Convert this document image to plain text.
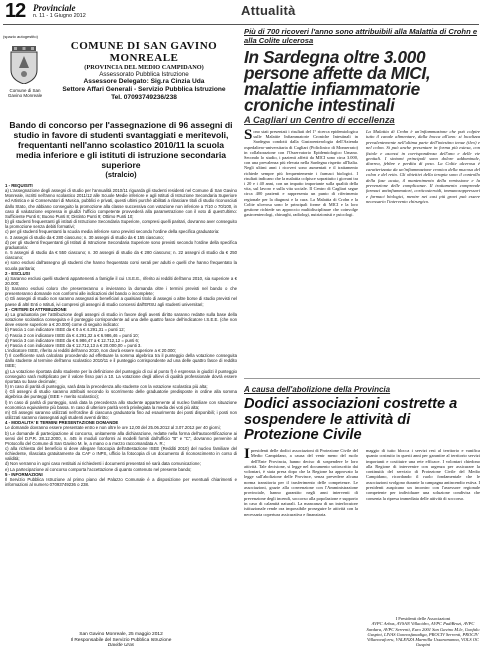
12 Provinciale
n. 11 - 1 Giugno 2012	Attualità
(spazio autogestito)
Comune di San Gavino Monreale
COMUNE DI SAN GAVINO MONREALE
(PROVINCIA DEL MEDIO CAMPIDANO)
Assessorato Pubblica Istruzione
Assessore Delegato: Sig.ra Cinzia Uda
Settore Affari Generali - Servizio Pubblica Istruzione
Tel. 07093749236/238
Bando di concorso per l'assegnazione di 96 assegni di studio in favore di studenti svantaggiati e meritevoli, frequentanti nell'anno scolastico 2010/11 la scuola media inferiore e gli istituti di istruzione secondaria superiore
(stralcio)

1 - REQUISITI

a) L'assegnazione degli assegni di studio per l'annualità 2010/11 riguarda gli studenti residenti nel Comune di San Gavino Monreale, iscritti nell'anno scolastico 2011/12 alle Scuole Medie inferiore e agli Istituti di Istruzione Secondaria Superiore ed Artistica e ai Conservatori di Musica, pubblici e privati, questi ultimi purché abilitati a rilasciare titoli di studio riconosciuti dallo Stato, che abbiano conseguito la promozione alla classe successiva con votazione non inferiore a 7/10 o 70/100, in caso di valutazione espressa in giudizi l'ufficio competente provvederà alla parametrazione con il voto di quest'ultimo: Sufficiente Punti 6; Buono Punti 8; Distinto Punti 9; Ottimo Punti 10;

b) gli studenti frequentanti gli istituti di Istruzione Secondaria Superiore, compresi quelli paritari, dovranno aver conseguito la promozione senza debiti formativi;

c) per gli studenti frequentanti la scuola media inferiore sono previsti secondo l'ordine della specifica graduatoria:

n. 3 assegni di studio da € 280 ciascuno; n. 30 assegni di studio da € 155 ciascuno;

d) per gli studenti frequentanti gli Istituti di Istruzione Secondaria Superiore sono previsti secondo l'ordine della specifica graduatoria:

n. 5 assegni di studio da € 550 ciascuno; n. 30 assegni di studio da € 280 ciascuno; n. 22 assegni di studio da € 250 ciascuno;

e) sono esclusi dall'assegno gli studenti che hanno frequentato corsi serali per adulti e quelli che hanno frequentato la scuola paritaria;

2 - ESCLUSI

a) Saranno esclusi quelli studenti appartenenti a famiglie il cui I.S.E.E., riferito ai redditi dell'anno 2010, sia superiore a € 20.000;

b) Saranno esclusi coloro che presenteranno o invieranno la domanda oltre i termini previsti nel bando o che presenteranno domande non conformi alle indicazioni del bando o incomplete;

c) Gli assegni di studio non saranno assegnati ai beneficiari a qualsiasi titolo di assegni o altre borse di studio previsti nel paese di altri Enti o Istituti, ivi compresi gli assegni di studio concessi dall'ERSU agli studenti universitari;

3 - CRITERI DI ATTRIBUZIONE

a) La graduatoria per l'attribuzione degli assegni di studio in favore degli aventi diritto saranno redatte sulla base della votazione scolastica conseguita e il punteggio corrispondente ad una delle quattro fasce dell'indicatore I.S.E.E. (che non deve essere superiore a € 20.000) come di seguito indicato:

b) Fascia 1 con indicatore ISEE da € 0 a € 4.291,31 = punti 12;

c) Fascia 2 con indicatore ISEE da € 4.291,32 a € 6.986,46 = punti 10;

d) Fascia 3 con indicatore ISEE da € 6.986,47 a € 12.712,12 = punti 6;

e) Fascia 4 con indicatore ISEE da € 12.712,13 a € 20.000,00 = punti 3.

L'indicatore ISEE, riferito ai redditi dell'anno 2010, non dovrà essere superiore a € 20.000;

f) Il coefficiente sarà calcolato procedendo ad effettuare la somma algebrica tra il punteggio della votazione conseguita dallo studente al termine dell'anno scolastico 2010/11 e il punteggio corrispondente ad una delle quattro fasce di reddito ISEE;

g) La votazione riportata dallo studente per la definizione del punteggio di cui al punto f) è espressa in giudizi il punteggio conseguito sarà moltiplicato per il valore fisso pari a 10. La votazione degli allievi di qualità professionale dovrà essere riportata su base decimale;

h) In caso di parità di punteggio, sarà data la precedenza allo studente con la votazione scolastica più alta;

i) Gli assegni di studio saranno attribuiti secondo lo scorrimento delle graduatorie predisposte in ordine alla somma algebrica dei punteggi (ISEE + merito scolastico);

l) In caso di parità di punteggio, sarà data la precedenza allo studente appartenente al nucleo familiare con situazione economica equivalente più bassa. In caso di ulteriore parità verrà privilegiata la media dei voti più alta;

m) Gli assegni saranno utilizzati nell'ordine di ciascuna graduatoria fino ad esaurimento dei posti disponibili; i posti non utilizzati saranno riassegnati agli studenti aventi diritto;

4 - MODALITA' E TERMINI PRESENTAZIONE DOMANDE

Le domande dovranno essere presentate entro e non oltre le ore 12,00 del 25.06.2012 al 3.07.2012 per 40 giorni;

b) Le domande di partecipazione al concorso, unitamente alla dichiarazione, redatte nella forma dell'autocertificazione ai sensi del D.P.R. 28.12.2000, n. 445 in moduli conformi ai modelli forniti dall'ufficio "B" e "C", dovranno pervenire al Protocollo del Comune di San Gavino M. le, a mano o a mezzo raccomandata A. R.;

c) alla richiesta del beneficio si deve allegare fotocopia dell'attestazione ISEE (Redditi 2010) del nucleo familiare del richiedente, rilasciata gratuitamente da CAF o INPS, ufficio la fotocopia di un documento di riconoscimento in corso di validità;

d) Non verranno in ogni caso restituiti ai richiedenti i documenti presentati né sarà data comunicazione;

e) La partecipazione al concorso comporta l'accettazione di quanto contenuto nel presente bando;

5 - INFORMAZIONI

Il Servizio Pubblica Istruzione al primo piano del Palazzo Comunale è a disposizione per eventuali chiarimenti e informazioni al numero 07093749236 o 238.

San Gavino Monreale, 25 maggio 2012
Il Responsabile del Servizio Pubblica Istruzione
Davide Uras
Più di 700 ricoveri l'anno sono attribuibili alla Malattia di Crohn e alla Colite ulcerosa
In Sardegna oltre 3.000 persone affette da MICI, malattie infiammatorie croniche intestinali
A Cagliari un Centro di eccellenza
Sono stati presentati i risultati del 1° ricerca epidemiologica sulle Malattie Infiammatorie Croniche Intestinali in Sardegna condotti dalla Gastroenterologia dell'Azienda ospedaliero-universitaria di Cagliari (Policlinico di Monserrato) in collaborazione con l'Osservatorio Epidemiologico Umano. Secondo lo studio, i pazienti affetti da MICI sono circa 3.000, con una prevalenza più elevata nella Sardegna rispetto all'Italia. Negli ultimi anni i ricoveri sono aumentati e il trattamento richiede sempre più frequentemente i farmaci biologici. I risultati indicano che la malattia colpisce soprattutto i giovani tra i 20 e i 40 anni, con un impatto importante sulla qualità della vita, sul lavoro e sulla vita sociale. Il Centro di Cagliari segue circa 400 pazienti e rappresenta un punto di riferimento regionale per la diagnosi e la cura. La Malattia di Crohn e la Colite ulcerosa sono le principali forme di MICI e la loro gestione richiede un approccio multidisciplinare che coinvolge gastroenterologi, chirurghi, radiologi, nutrizionisti e psicologi.
La Malattia di Crohn è un'infiammazione che può colpire tutto il canale alimentare, dalla bocca all'ano: si localizza prevalentemente nell'ultima parte dell'intestino tenue (ileo) e nel colon. Si può anche presentare in forma più estesa, con fistole e ascessi in corrispondenza dell'ano e delle vie genitali. I sintomi principali sono dolore addominale, diarrea, febbre e perdita di peso. La Colite ulcerosa è caratterizzata da un'infiammazione cronica della mucosa del colon e del retto. Gli obiettivi della terapia sono il controllo della fase acuta, il mantenimento della remissione e la prevenzione delle complicanze. Il trattamento comprende farmaci antinfiammatori, corticosteroidi, immunosoppressori e farmaci biologici, mentre nei casi più gravi può essere necessario l'intervento chirurgico.
A causa dell'abolizione della Provincia
Dodici associazioni costrette a sospendere le attività di Protezione Civile
Ipresidenti delle dodici associazioni di Protezione Civile del Medio Campidano, a causa del venir meno del ruolo dell'Ente Provincia, hanno deciso di sospendere le loro attività. Tale decisione, si legge nel documento sottoscritto dai volontari, è stata presa dopo che la Regione ha approvato la legge sull'abolizione delle Province, senza prevedere alcuna norma transitoria per il trasferimento delle competenze. Le associazioni, grazie alla convenzione con l'Amministrazione provinciale, hanno garantito negli anni interventi di prevenzione degli incendi, soccorso alla popolazione e supporto in caso di calamità naturali. La mancanza di un interlocutore istituzionale rende ora impossibile proseguire le attività con la necessaria copertura assicurativa e finanziaria.
maggio di tutto blocca i servizi resi al territorio e vanifica quanto costruito in questi anni per garantire al territorio servizi importanti e costituire una rete efficace. I volontari chiedono alla Regione di intervenire con urgenza per assicurare la continuità del servizio di Protezione Civile del Medio Campidano, ricordando il ruolo fondamentale che le associazioni svolgono durante la campagna antincendio estiva. I presidenti auspicano un incontro con l'assessore regionale competente per individuare una soluzione condivisa che consenta la ripresa immediata delle attività di soccorso.
I Presidenti delle Associazioni
AVPC Arbus, AVSAN Villacidro, AVPC PadiBrozi, AVPC Sardara, AVPC Serrenti, Euro 2001 San Gavino M.le, Gonfalo Guspini, LIVAS Gonnosfanadiga, PROCIV Serrenti, PROCIV Villanovaforru, VALENZA Marmilla Ussaramanna, VOLS OC Guspini
